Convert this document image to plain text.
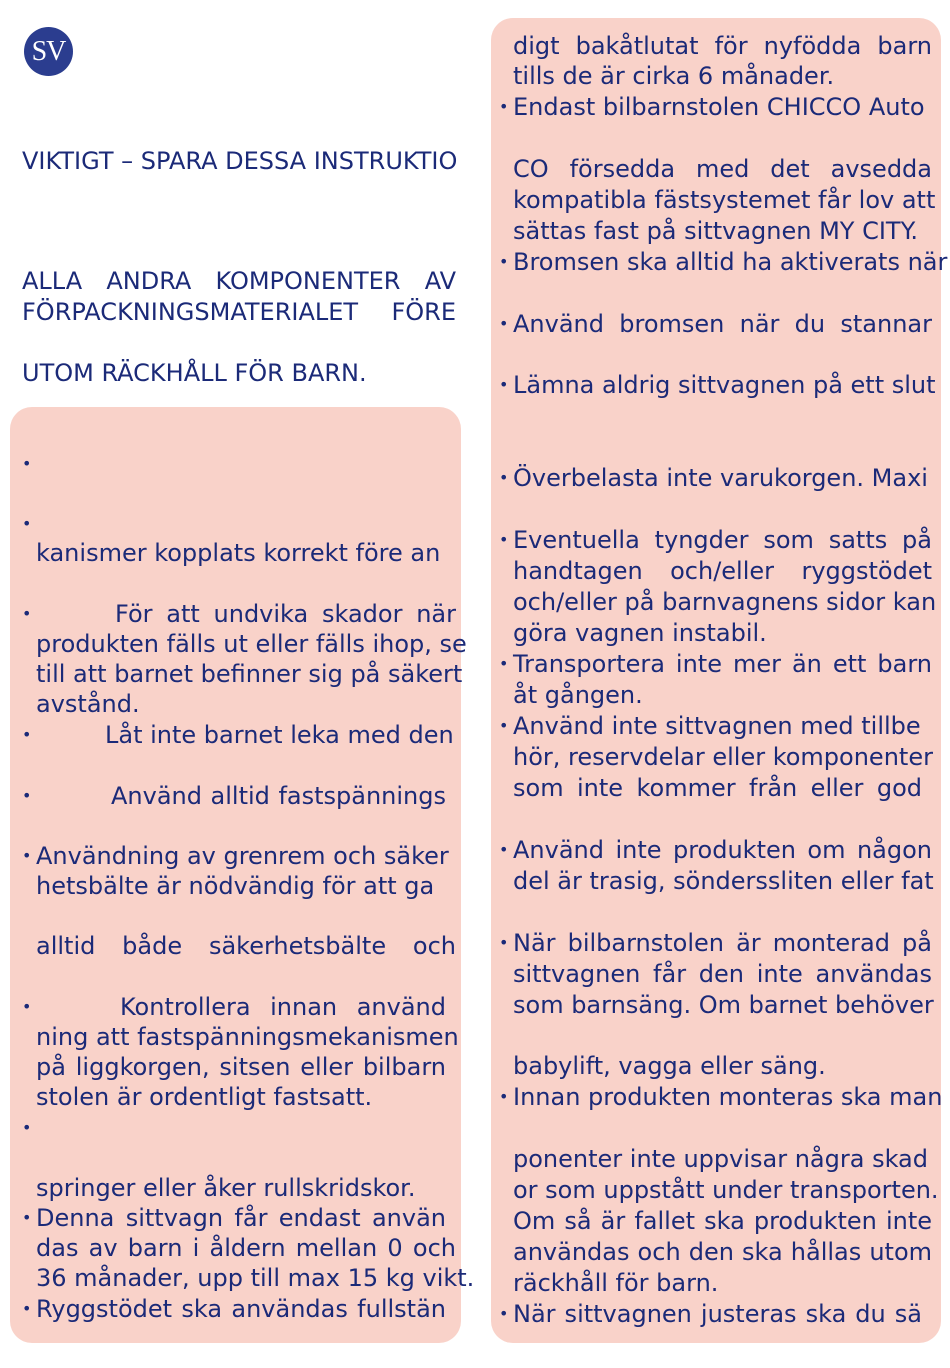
SV
VIKTIGT – SPARA DESSA INSTRUKTIO
ALLA ANDRA KOMPONENTER AV
FÖRPACKNINGSMATERIALET FÖRE
UTOM RÄCKHÅLL FÖR BARN.
•
•
kanismer kopplats korrekt före an
•	För att undvika skador när
produkten fälls ut eller fälls ihop, se
till att barnet befinner sig på säkert
avstånd.
•	Låt inte barnet leka med den
•	Använd alltid fastspännings
• Användning av grenrem och säker
hetsbälte är nödvändig för att ga
alltid både säkerhetsbälte och
•	Kontrollera innan använd
ning att fastspänningsmekanismen
på liggkorgen, sitsen eller bilbarn
stolen är ordentligt fastsatt.
•
springer eller åker rullskridskor.
• Denna sittvagn får endast använ
das av barn i åldern mellan 0 och
36 månader, upp till max 15 kg vikt.
• Ryggstödet ska användas fullstän
digt bakåtlutat för nyfödda barn
tills de är cirka 6 månader.
• Endast bilbarnstolen CHICCO Auto
CO försedda med det avsedda
kompatibla fästsystemet får lov att
sättas fast på sittvagnen MY CITY.
• Bromsen ska alltid ha aktiverats när
• Använd bromsen när du stannar
• Lämna aldrig sittvagnen på ett slut
• Överbelasta inte varukorgen. Maxi
• Eventuella tyngder som satts på
handtagen och/eller ryggstödet
och/eller på barnvagnens sidor kan
göra vagnen instabil.
• Transportera inte mer än ett barn
åt gången.
• Använd inte sittvagnen med tillbe
hör, reservdelar eller komponenter
som inte kommer från eller god
• Använd inte produkten om någon
del är trasig, sönderssliten eller fat
• När bilbarnstolen är monterad på
sittvagnen får den inte användas
som barnsäng. Om barnet behöver
babylift, vagga eller säng.
• Innan produkten monteras ska man
ponenter inte uppvisar några skad
or som uppstått under transporten.
Om så är fallet ska produkten inte
användas och den ska hållas utom
räckhåll för barn.
• När sittvagnen justeras ska du sä
